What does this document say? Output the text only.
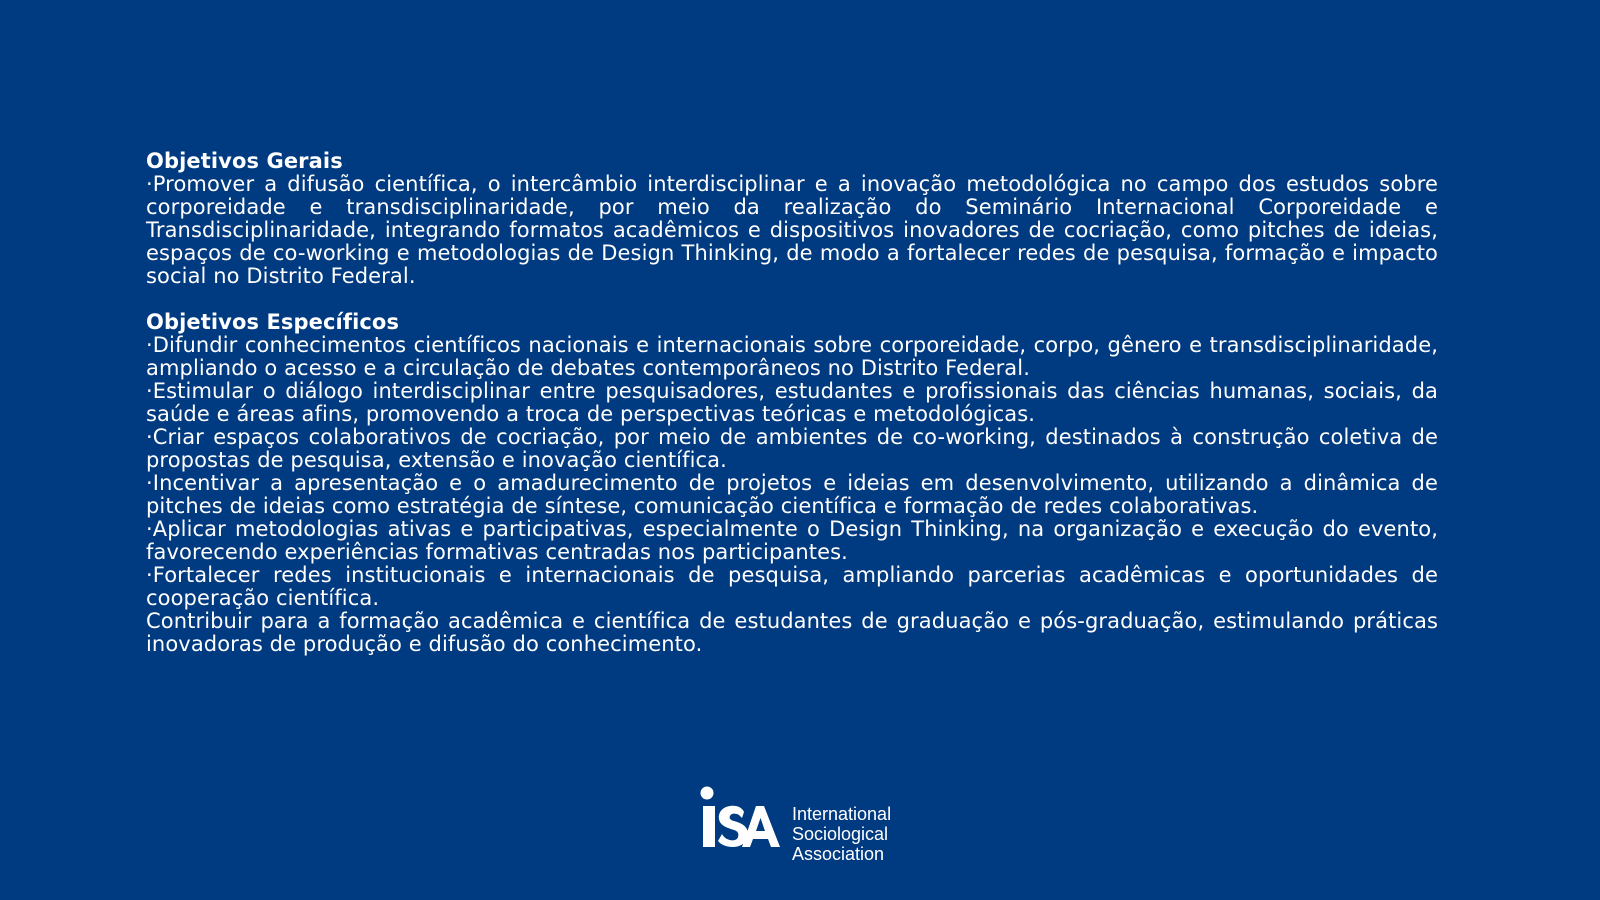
Objetivos Gerais

·Promover a difusão científica, o intercâmbio interdisciplinar e a inovação metodológica no campo dos estudos sobre corporeidade e transdisciplinaridade, por meio da realização do Seminário Internacional Corporeidade e Transdisciplinaridade, integrando formatos acadêmicos e dispositivos inovadores de cocriação, como pitches de ideias, espaços de co-working e metodologias de Design Thinking, de modo a fortalecer redes de pesquisa, formação e impacto social no Distrito Federal.

Objetivos Específicos

·Difundir conhecimentos científicos nacionais e internacionais sobre corporeidade, corpo, gênero e transdisciplinaridade, ampliando o acesso e a circulação de debates contemporâneos no Distrito Federal.

·Estimular o diálogo interdisciplinar entre pesquisadores, estudantes e profissionais das ciências humanas, sociais, da saúde e áreas afins, promovendo a troca de perspectivas teóricas e metodológicas.

·Criar espaços colaborativos de cocriação, por meio de ambientes de co-working, destinados à construção coletiva de propostas de pesquisa, extensão e inovação científica.

·Incentivar a apresentação e o amadurecimento de projetos e ideias em desenvolvimento, utilizando a dinâmica de pitches de ideias como estratégia de síntese, comunicação científica e formação de redes colaborativas.

·Aplicar metodologias ativas e participativas, especialmente o Design Thinking, na organização e execução do evento, favorecendo experiências formativas centradas nos participantes.

·Fortalecer redes institucionais e internacionais de pesquisa, ampliando parcerias acadêmicas e oportunidades de cooperação científica.

Contribuir para a formação acadêmica e científica de estudantes de graduação e pós-graduação, estimulando práticas inovadoras de produção e difusão do conhecimento.

International
Sociological
Association
